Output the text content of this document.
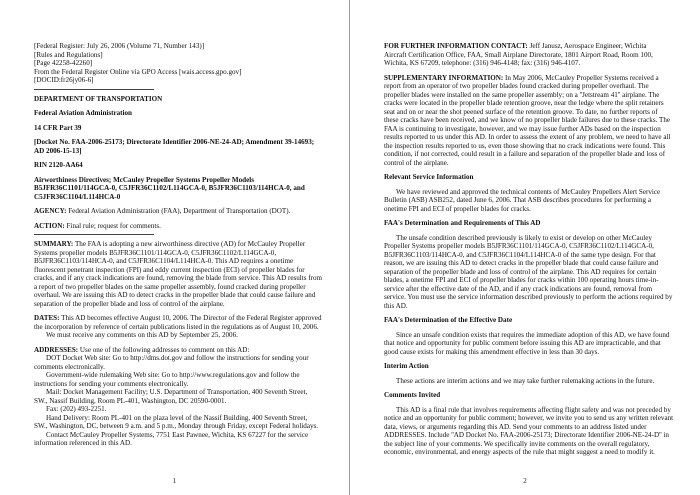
[Federal Register: July 26, 2006 (Volume 71, Number 143)]
[Rules and Regulations]
[Page 42258-42260]
From the Federal Register Online via GPO Access [wais.access.gpo.gov]
[DOCID:fr26jy06-6]
DEPARTMENT OF TRANSPORTATION
Federal Aviation Administration
14 CFR Part 39
[Docket No. FAA-2006-25173; Directorate Identifier 2006-NE-24-AD; Amendment 39-14693;
AD 2006-15-13]
RIN 2120-AA64
Airworthiness Directives; McCauley Propeller Systems Propeller Models
B5JFR36C1101/114GCA-0, C5JFR36C1102/L114GCA-0, B5JFR36C1103/114HCA-0, and
C5JFR36C1104/L114HCA-0
AGENCY: Federal Aviation Administration (FAA), Department of Transportation (DOT).
ACTION: Final rule; request for comments.
SUMMARY: The FAA is adopting a new airworthiness directive (AD) for McCauley Propeller
Systems propeller models B5JFR36C1101/114GCA-0, C5JFR36C1102/L114GCA-0,
B5JFR36C1103/114HCA-0, and C5JFR36C1104/L114HCA-0. This AD requires a onetime
fluorescent penetrant inspection (FPI) and eddy current inspection (ECI) of propeller blades for
cracks, and if any crack indications are found, removing the blade from service. This AD results from
a report of two propeller blades on the same propeller assembly, found cracked during propeller
overhaul. We are issuing this AD to detect cracks in the propeller blade that could cause failure and
separation of the propeller blade and loss of control of the airplane.
DATES: This AD becomes effective August 10, 2006. The Director of the Federal Register approved
the incorporation by reference of certain publications listed in the regulations as of August 10, 2006.
We must receive any comments on this AD by September 25, 2006.
ADDRESSES: Use one of the following addresses to comment on this AD:
DOT Docket Web site: Go to http://dms.dot.gov and follow the instructions for sending your
comments electronically.
Government-wide rulemaking Web site: Go to http://www.regulations.gov and follow the
instructions for sending your comments electronically.
Mail: Docket Management Facility; U.S. Department of Transportation, 400 Seventh Street,
SW., Nassif Building, Room PL-401, Washington, DC 20590-0001.
Fax: (202) 493-2251.
Hand Delivery: Room PL-401 on the plaza level of the Nassif Building, 400 Seventh Street,
SW., Washington, DC, between 9 a.m. and 5 p.m., Monday through Friday, except Federal holidays.
Contact McCauley Propeller Systems, 7751 East Pawnee, Wichita, KS 67227 for the service
information referenced in this AD.
1
FOR FURTHER INFORMATION CONTACT: Jeff Janusz, Aerospace Engineer, Wichita
Aircraft Certification Office, FAA, Small Airplane Directorate, 1801 Airport Road, Room 100,
Wichita, KS 67209, telephone: (316) 946-4148; fax: (316) 946-4107.
SUPPLEMENTARY INFORMATION: In May 2006, McCauley Propeller Systems received a
report from an operator of two propeller blades found cracked during propeller overhaul. The
propeller blades were installed on the same propeller assembly; on a ''Jetstream 41'' airplane. The
cracks were located in the propeller blade retention groove, near the ledge where the split retainers
seat and on or near the shot peened surface of the retention groove. To date, no further reports of
these cracks have been received, and we know of no propeller blade failures due to these cracks. The
FAA is continuing to investigate, however, and we may issue further ADs based on the inspection
results reported to us under this AD. In order to assess the extent of any problem, we need to have all
the inspection results reported to us, even those showing that no crack indications were found. This
condition, if not corrected, could result in a failure and separation of the propeller blade and loss of
control of the airplane.
Relevant Service Information
We have reviewed and approved the technical contents of McCauley Propellers Alert Service
Bulletin (ASB) ASB252, dated June 6, 2006. That ASB describes procedures for performing a
onetime FPI and ECI of propeller blades for cracks.
FAA's Determination and Requirements of This AD
The unsafe condition described previously is likely to exist or develop on other McCauley
Propeller Systems propeller models B5JFR36C1101/114GCA-0, C5JFR36C1102/L114GCA-0,
B5JFR36C1103/114HCA-0, and C5JFR36C1104/L114HCA-0 of the same type design. For that
reason, we are issuing this AD to detect cracks in the propeller blade that could cause failure and
separation of the propeller blade and loss of control of the airplane. This AD requires for certain
blades, a onetime FPI and ECI of propeller blades for cracks within 100 operating hours time-in-
service after the effective date of the AD, and if any crack indications are found, removal from
service. You must use the service information described previously to perform the actions required by
this AD.
FAA's Determination of the Effective Date
Since an unsafe condition exists that requires the immediate adoption of this AD, we have found
that notice and opportunity for public comment before issuing this AD are impracticable, and that
good cause exists for making this amendment effective in less than 30 days.
Interim Action
These actions are interim actions and we may take further rulemaking actions in the future.
Comments Invited
This AD is a final rule that involves requirements affecting flight safety and was not preceded by
notice and an opportunity for public comment; however, we invite you to send us any written relevant
data, views, or arguments regarding this AD. Send your comments to an address listed under
ADDRESSES. Include ''AD Docket No. FAA-2006-25173; Directorate Identifier 2006-NE-24-D'' in
the subject line of your comments. We specifically invite comments on the overall regulatory,
economic, environmental, and energy aspects of the rule that might suggest a need to modify it.
2
